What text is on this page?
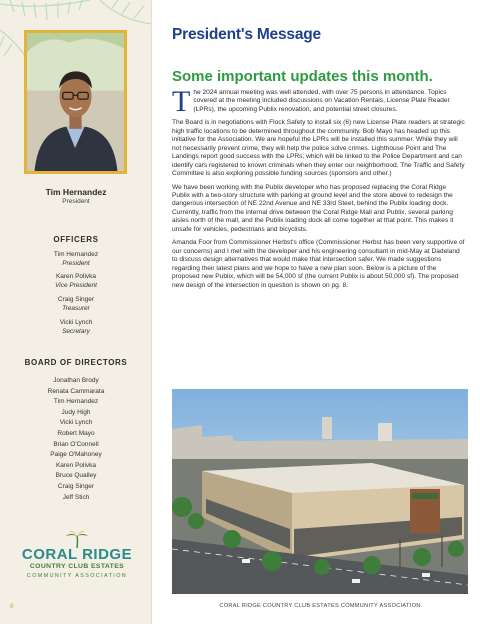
Tim Hernandez
President
OFFICERS
Tim Hernandez
President
Karen Polivka
Vice President
Craig Singer
Treasurer
Vicki Lynch
Secretary
BOARD OF DIRECTORS
Jonathan Brody
Renata Cammarata
Tim Hernandez
Judy High
Vicki Lynch
Robert Mayo
Brian O'Connell
Paige O'Mahoney
Karen Polivka
Bruce Qualley
Craig Singer
Jeff Stich
CORAL RIDGE
COUNTRY CLUB ESTATES
COMMUNITY ASSOCIATION
6
President's Message
Some important updates this month.

The 2024 annual meeting was well attended, with over 75 persons in attendance. Topics covered at the meeting included discussions on Vacation Rentals, License Plate Reader (LPRs), the upcoming Publix renovation, and potential street closures.

The Board is in negotiations with Flock Safety to install six (6) new License Plate readers at strategic high traffic locations to be determined throughout the community. Bob Mayo has headed up this initiative for the Association. We are hopeful the LPRs will be installed this summer. While they will not necessarily prevent crime, they will help the police solve crimes. Lighthouse Point and The Landings report good success with the LPRs, which will be linked to the Police Department and can identify cars registered to known criminals when they enter our neighborhood. The Traffic and Safety Committee is also exploring possible funding sources (sponsors and other.)

We have been working with the Publix developer who has proposed replacing the Coral Ridge Publix with a two-story structure with parking at ground level and the store above to redesign the dangerous intersection of NE 22nd Avenue and NE 33rd Steet, behind the Publix loading dock. Currently, traffic from the internal drive between the Coral Ridge Mall and Publix, several parking aisles north of the mall, and the Publix loading dock all come together at that point. This makes it unsafe for vehicles, pedestrians and bicyclists.

Amanda Foor from Commissioner Herbst's office (Commissioner Herbst has been very supportive of our concerns) and I met with the developer and his engineering consultant in mid-May at Dadeland to discuss design alternatives that would make that intersection safer. We made suggestions regarding their latest plans and we hope to have a new plan soon. Below is a picture of the proposed new Publix, which will be 54,000 sf (the current Publix is about 50,000 sf). The proposed new design of the intersection in question is shown on pg. 8.

CORAL RIDGE COUNTRY CLUB ESTATES COMMUNITY ASSOCIATION
